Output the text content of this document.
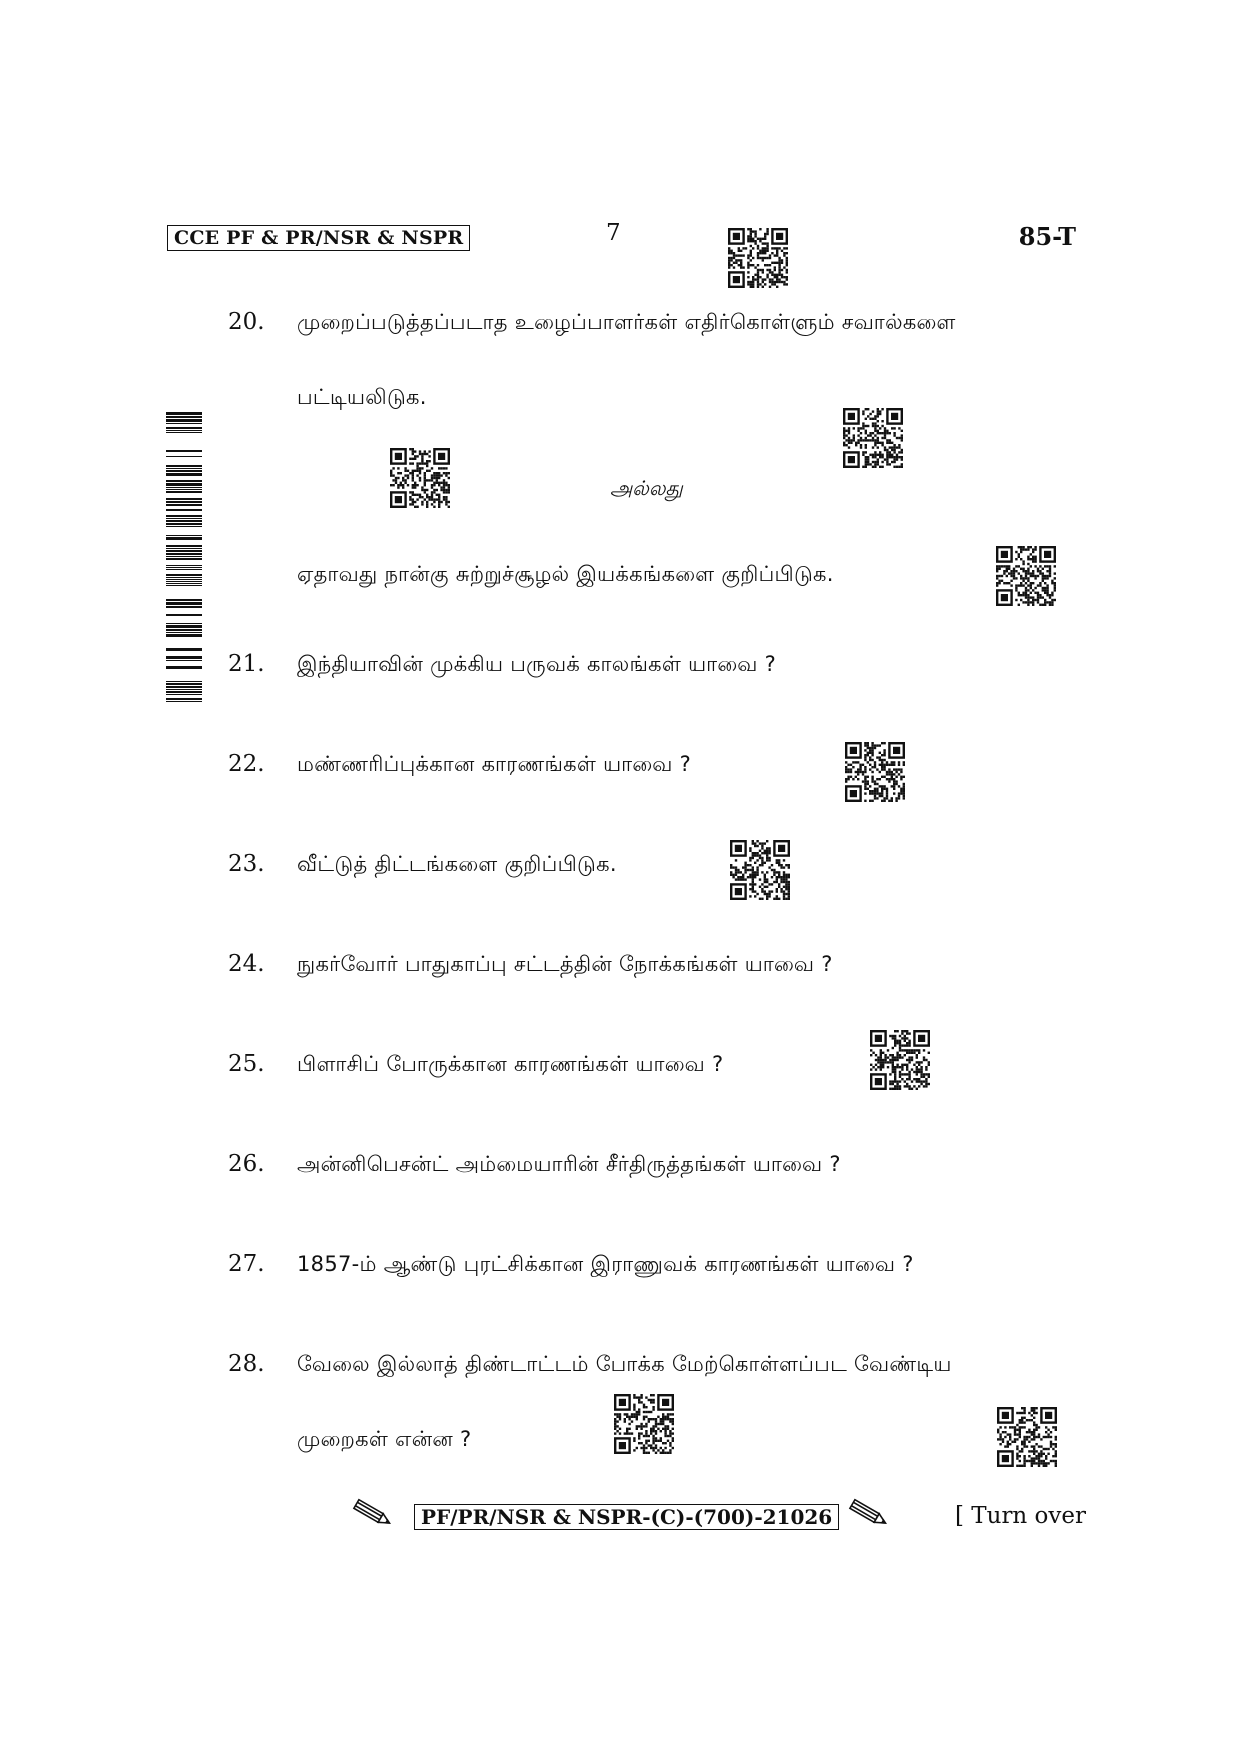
CCE PF & PR/NSR & NSPR	7	85-T
20.	முறைப்படுத்தப்படாத உழைப்பாளர்கள் எதிர்கொள்ளும் சவால்களை
பட்டியலிடுக.
அல்லது
ஏதாவது நான்கு சுற்றுச்சூழல் இயக்கங்களை குறிப்பிடுக.
21.	இந்தியாவின் முக்கிய பருவக் காலங்கள் யாவை ?
22.	மண்ணரிப்புக்கான காரணங்கள் யாவை ?
23.	வீட்டுத் திட்டங்களை குறிப்பிடுக.
24.	நுகர்வோர் பாதுகாப்பு சட்டத்தின் நோக்கங்கள் யாவை ?
25.	பிளாசிப் போருக்கான காரணங்கள் யாவை ?
26.	அன்னிபெசன்ட் அம்மையாரின் சீர்திருத்தங்கள் யாவை ?
27.	1857-ம் ஆண்டு புரட்சிக்கான இராணுவக் காரணங்கள் யாவை ?
28.	வேலை இல்லாத் திண்டாட்டம் போக்க மேற்கொள்ளப்பட வேண்டிய
முறைகள் என்ன ?
PF/PR/NSR & NSPR-(C)-(700)-21026	[ Turn over
